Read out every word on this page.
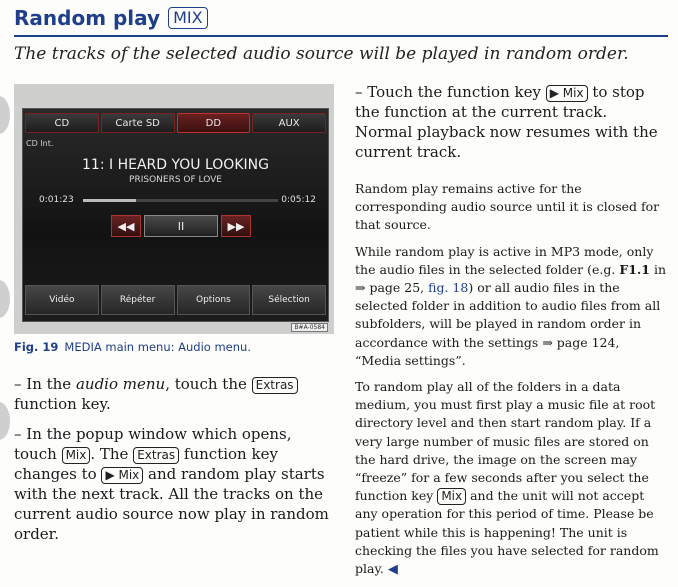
Random play MIX
The tracks of the selected audio source will be played in random order.
CD	Carte SD	DD	AUX
CD Int.
11: I HEARD YOU LOOKING
PRISONERS OF LOVE
0:01:23	0:05:12
◀◀	II	▶▶
Vidéo	Répéter	Options	Sélection
B#A-0584
Fig. 19 MEDIA main menu: Audio menu.

– In the audio menu, touch the Extras function key.

– In the popup window which opens, touch Mix . The Extras function key changes to ▶ Mix and random play starts with the next track. All the tracks on the current audio source now play in random order.

– Touch the function key ▶ Mix to stop the function at the current track. Normal playback now resumes with the current track.

Random play remains active for the corresponding audio source until it is closed for that source.

While random play is active in MP3 mode, only the audio files in the selected folder (e.g. F1.1 in ⇒ page 25, fig. 18) or all audio files in the selected folder in addition to audio files from all subfolders, will be played in random order in accordance with the settings ⇒ page 124, “Media settings”.

To random play all of the folders in a data medium, you must first play a music file at root directory level and then start random play. If a very large number of music files are stored on the hard drive, the image on the screen may “freeze” for a few seconds after you select the function key Mix and the unit will not accept any operation for this period of time. Please be patient while this is happening! The unit is checking the files you have selected for random play. ◀
